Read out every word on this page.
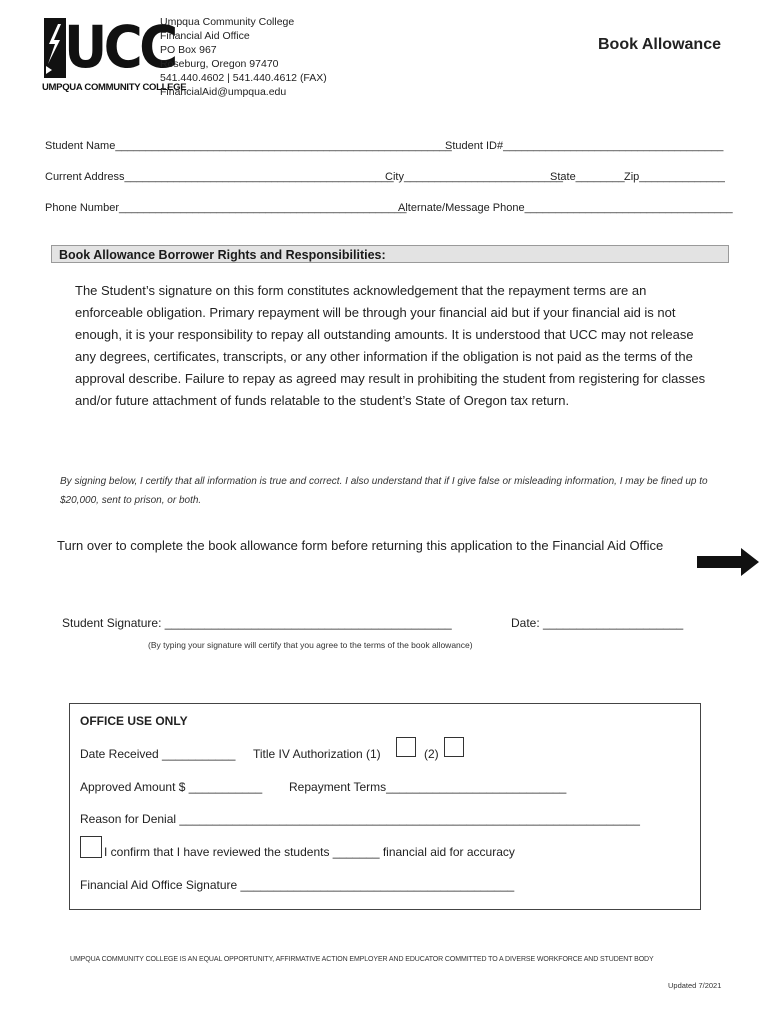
UCC
UMPQUA COMMUNITY COLLEGE
Umpqua Community College
Financial Aid Office
PO Box 967
Roseburg, Oregon 97470
541.440.4602 | 541.440.4612 (FAX)
FinancialAid@umpqua.edu
Book Allowance
Student Name_______________________________________________________
Student ID#____________________________________
Current Address____________________________________________
City__________________________
State________ Zip______________
Phone Number_______________________________________________
Alternate/Message Phone__________________________________
Book Allowance Borrower Rights and Responsibilities:
The Student’s signature on this form constitutes acknowledgement that the repayment terms are an enforceable obligation. Primary repayment will be through your financial aid but if your financial aid is not enough, it is your responsibility to repay all outstanding amounts. It is understood that UCC may not release any degrees, certificates, transcripts, or any other information if the obligation is not paid as the terms of the approval describe. Failure to repay as agreed may result in prohibiting the student from registering for classes and/or future attachment of funds relatable to the student’s State of Oregon tax return.
By signing below, I certify that all information is true and correct. I also understand that if I give false or misleading information, I may be fined up to $20,000, sent to prison, or both.
Turn over to complete the book allowance form before returning this application to the Financial Aid Office
Student Signature: ___________________________________________	Date: _____________________
(By typing your signature will certify that you agree to the terms of the book allowance)
OFFICE USE ONLY
Date Received ___________ Title IV Authorization (1)	(2)
Approved Amount $ ___________ Repayment Terms___________________________
Reason for Denial _____________________________________________________________________
I confirm that I have reviewed the students _______ financial aid for accuracy
Financial Aid Office Signature _________________________________________
UMPQUA COMMUNITY COLLEGE IS AN EQUAL OPPORTUNITY, AFFIRMATIVE ACTION EMPLOYER AND EDUCATOR COMMITTED TO A DIVERSE WORKFORCE AND STUDENT BODY
Updated 7/2021
